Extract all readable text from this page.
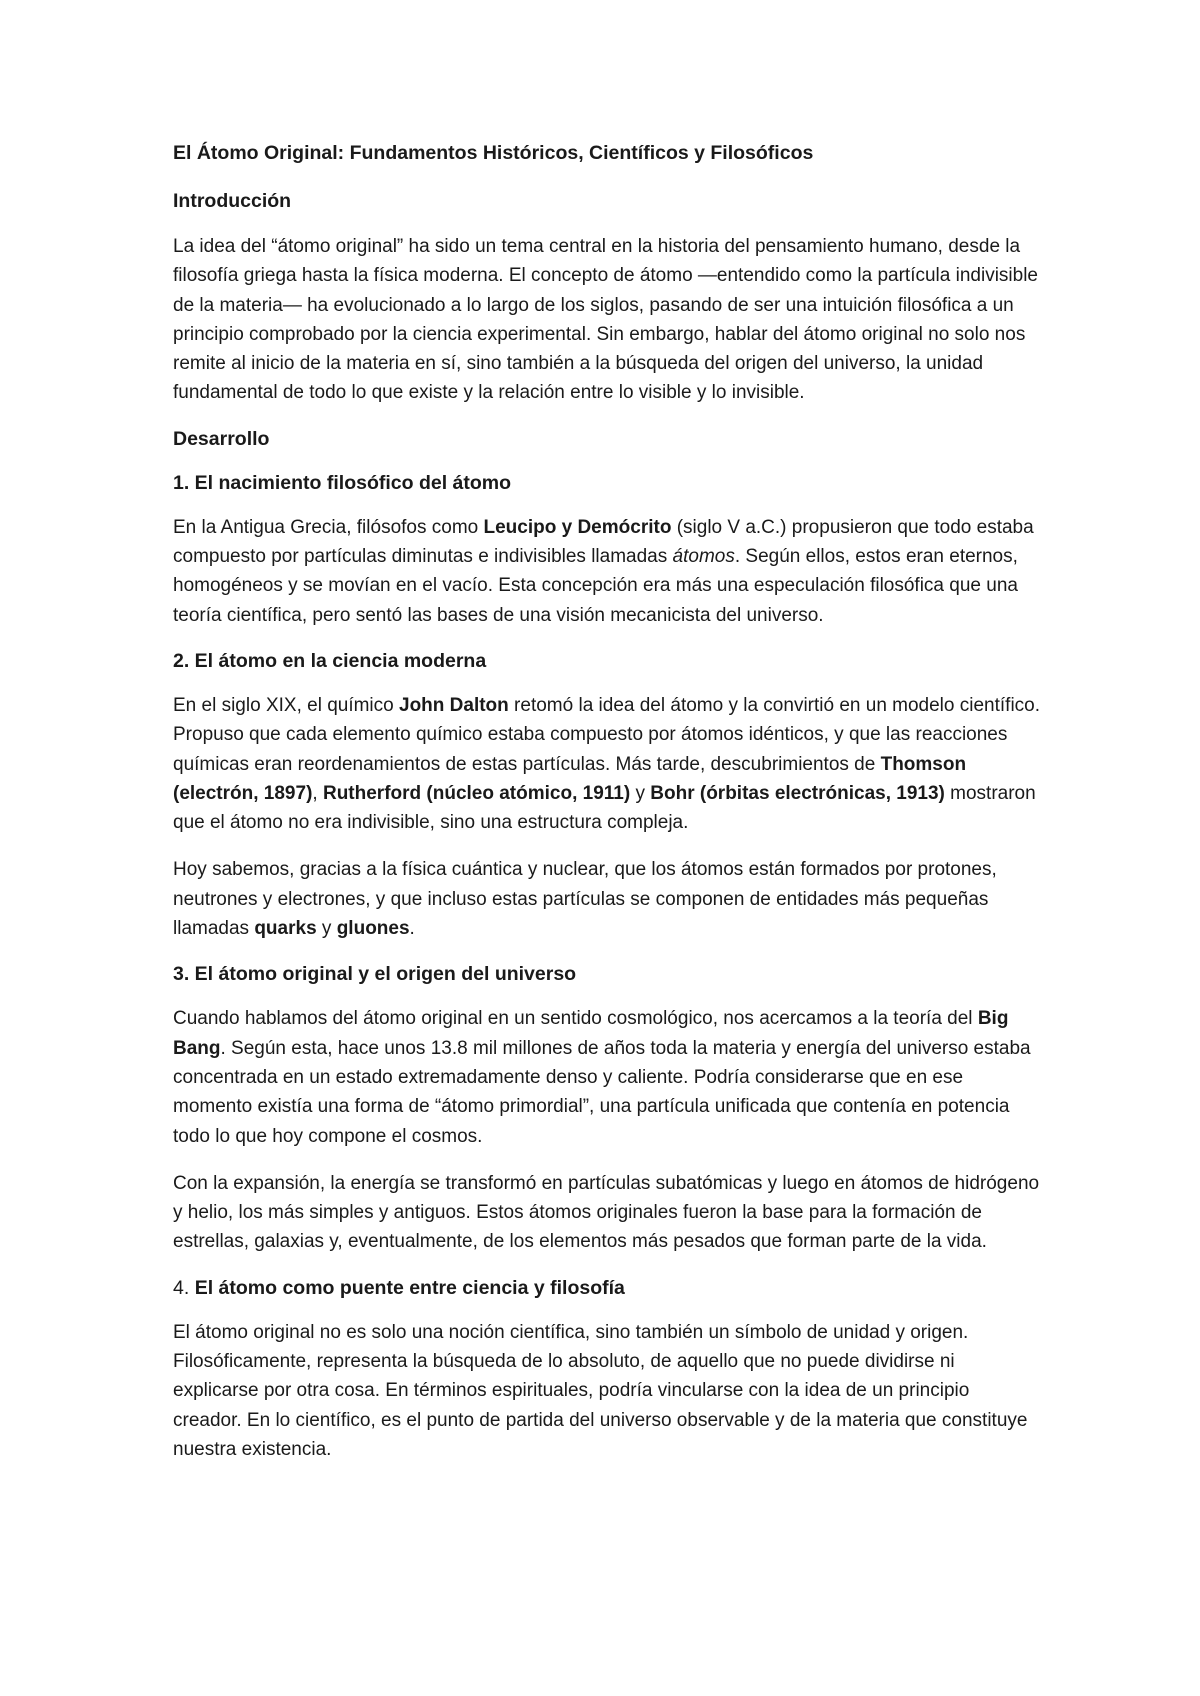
El Átomo Original: Fundamentos Históricos, Científicos y Filosóficos
Introducción

La idea del “átomo original” ha sido un tema central en la historia del pensamiento humano, desde la filosofía griega hasta la física moderna. El concepto de átomo —entendido como la partícula indivisible de la materia— ha evolucionado a lo largo de los siglos, pasando de ser una intuición filosófica a un principio comprobado por la ciencia experimental. Sin embargo, hablar del átomo original no solo nos remite al inicio de la materia en sí, sino también a la búsqueda del origen del universo, la unidad fundamental de todo lo que existe y la relación entre lo visible y lo invisible.

Desarrollo
1. El nacimiento filosófico del átomo

En la Antigua Grecia, filósofos como Leucipo y Demócrito (siglo V a.C.) propusieron que todo estaba compuesto por partículas diminutas e indivisibles llamadas átomos. Según ellos, estos eran eternos, homogéneos y se movían en el vacío. Esta concepción era más una especulación filosófica que una teoría científica, pero sentó las bases de una visión mecanicista del universo.

2. El átomo en la ciencia moderna

En el siglo XIX, el químico John Dalton retomó la idea del átomo y la convirtió en un modelo científico. Propuso que cada elemento químico estaba compuesto por átomos idénticos, y que las reacciones químicas eran reordenamientos de estas partículas. Más tarde, descubrimientos de Thomson (electrón, 1897), Rutherford (núcleo atómico, 1911) y Bohr (órbitas electrónicas, 1913) mostraron que el átomo no era indivisible, sino una estructura compleja.

Hoy sabemos, gracias a la física cuántica y nuclear, que los átomos están formados por protones, neutrones y electrones, y que incluso estas partículas se componen de entidades más pequeñas llamadas quarks y gluones.

3. El átomo original y el origen del universo

Cuando hablamos del átomo original en un sentido cosmológico, nos acercamos a la teoría del Big Bang. Según esta, hace unos 13.8 mil millones de años toda la materia y energía del universo estaba concentrada en un estado extremadamente denso y caliente. Podría considerarse que en ese momento existía una forma de “átomo primordial”, una partícula unificada que contenía en potencia todo lo que hoy compone el cosmos.

Con la expansión, la energía se transformó en partículas subatómicas y luego en átomos de hidrógeno y helio, los más simples y antiguos. Estos átomos originales fueron la base para la formación de estrellas, galaxias y, eventualmente, de los elementos más pesados que forman parte de la vida.

4. El átomo como puente entre ciencia y filosofía

El átomo original no es solo una noción científica, sino también un símbolo de unidad y origen. Filosóficamente, representa la búsqueda de lo absoluto, de aquello que no puede dividirse ni explicarse por otra cosa. En términos espirituales, podría vincularse con la idea de un principio creador. En lo científico, es el punto de partida del universo observable y de la materia que constituye nuestra existencia.
